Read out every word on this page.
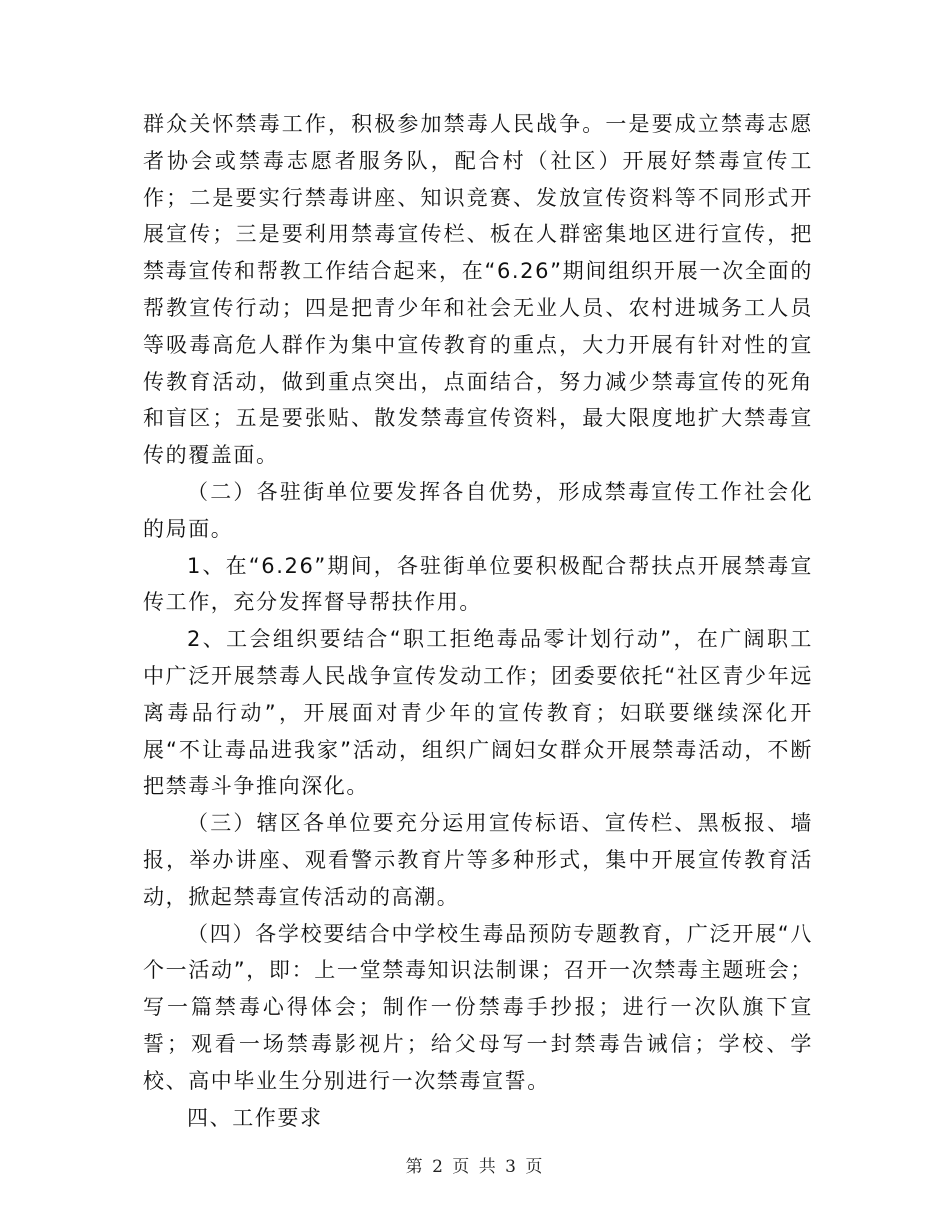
群众关怀禁毒工作，积极参加禁毒人民战争。一是要成立禁毒志愿者协会或禁毒志愿者服务队，配合村（社区）开展好禁毒宣传工作；二是要实行禁毒讲座、知识竞赛、发放宣传资料等不同形式开展宣传；三是要利用禁毒宣传栏、板在人群密集地区进行宣传，把禁毒宣传和帮教工作结合起来，在“6.26”期间组织开展一次全面的帮教宣传行动；四是把青少年和社会无业人员、农村进城务工人员等吸毒高危人群作为集中宣传教育的重点，大力开展有针对性的宣传教育活动，做到重点突出，点面结合，努力减少禁毒宣传的死角和盲区；五是要张贴、散发禁毒宣传资料，最大限度地扩大禁毒宣传的覆盖面。

（二）各驻街单位要发挥各自优势，形成禁毒宣传工作社会化的局面。

1、在“6.26”期间，各驻街单位要积极配合帮扶点开展禁毒宣传工作，充分发挥督导帮扶作用。

2、工会组织要结合“职工拒绝毒品零计划行动”，在广阔职工中广泛开展禁毒人民战争宣传发动工作；团委要依托“社区青少年远离毒品行动”，开展面对青少年的宣传教育；妇联要继续深化开展“不让毒品进我家”活动，组织广阔妇女群众开展禁毒活动，不断把禁毒斗争推向深化。

（三）辖区各单位要充分运用宣传标语、宣传栏、黑板报、墙报，举办讲座、观看警示教育片等多种形式，集中开展宣传教育活动，掀起禁毒宣传活动的高潮。

（四）各学校要结合中学校生毒品预防专题教育，广泛开展“八个一活动”，即：上一堂禁毒知识法制课；召开一次禁毒主题班会；写一篇禁毒心得体会；制作一份禁毒手抄报；进行一次队旗下宣誓；观看一场禁毒影视片；给父母写一封禁毒告诫信；学校、学校、高中毕业生分别进行一次禁毒宣誓。

四、工作要求

第 2 页 共 3 页
